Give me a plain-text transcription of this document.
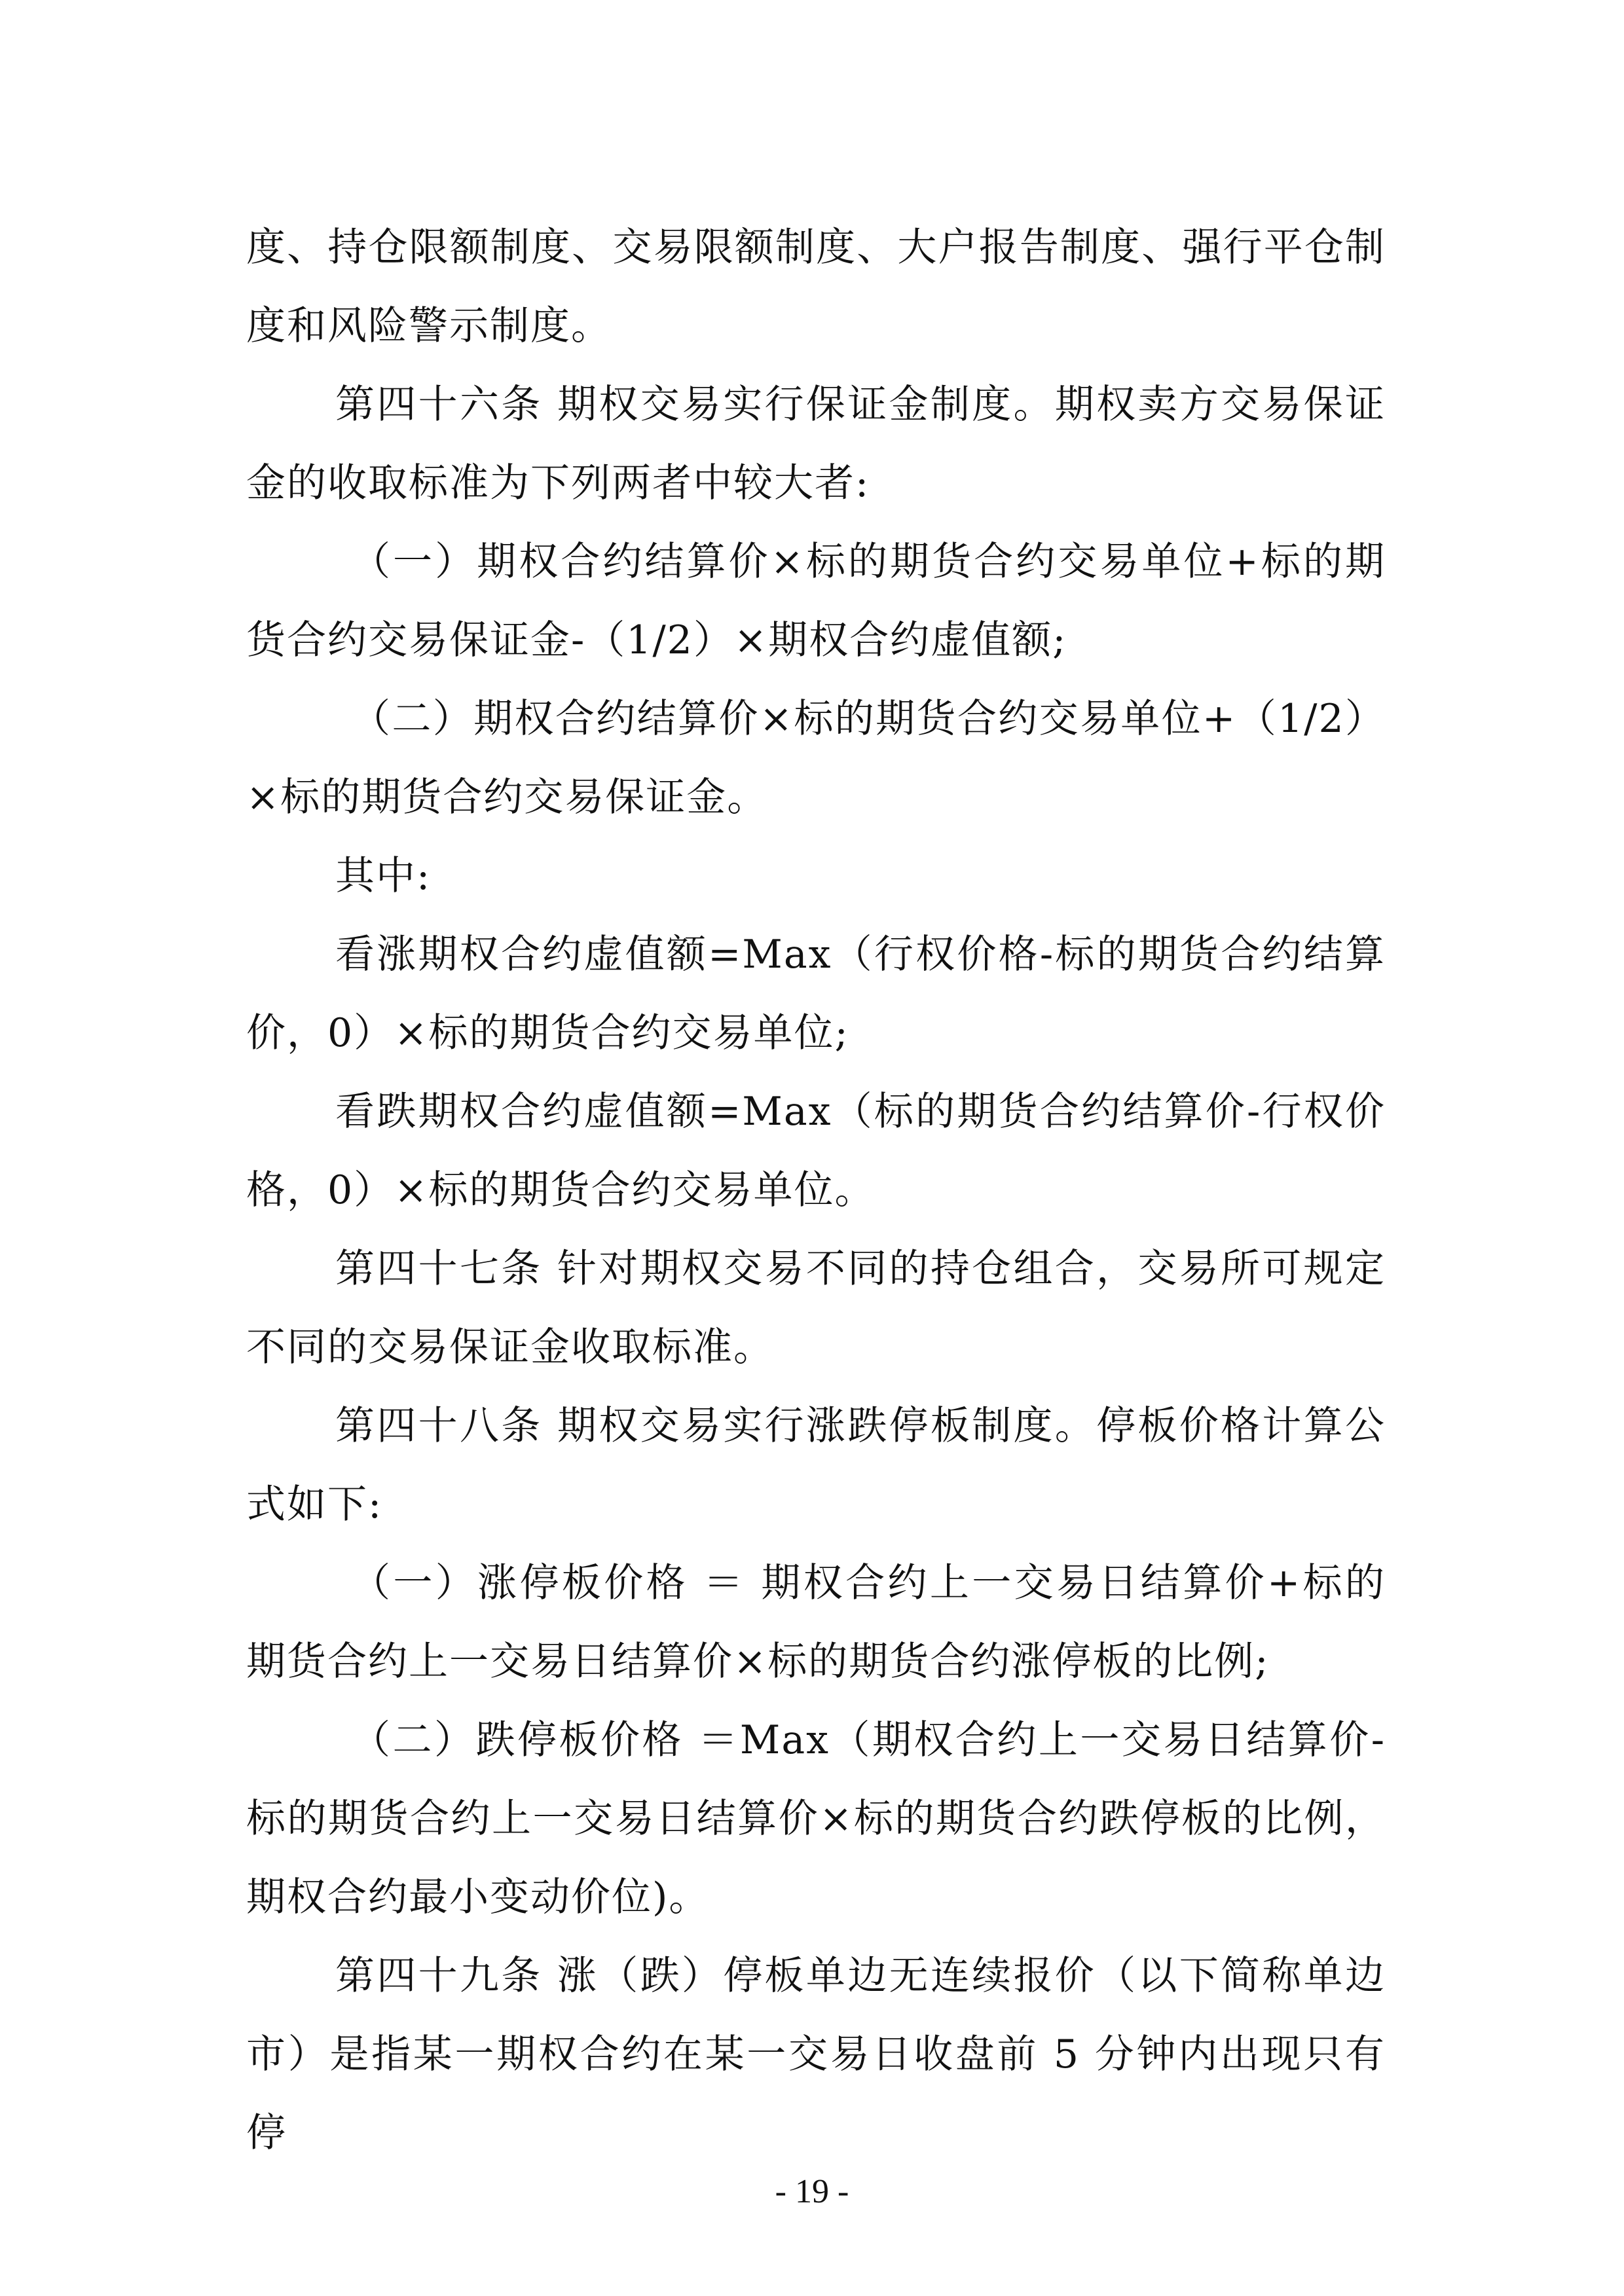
度、持仓限额制度、交易限额制度、大户报告制度、强行平仓制度和风险警示制度。

第四十六条 期权交易实行保证金制度。期权卖方交易保证金的收取标准为下列两者中较大者:

（一）期权合约结算价×标的期货合约交易单位+标的期货合约交易保证金-（1/2）×期权合约虚值额;

（二）期权合约结算价×标的期货合约交易单位+（1/2）×标的期货合约交易保证金。

其中:

看涨期权合约虚值额=Max（行权价格-标的期货合约结算价，0）×标的期货合约交易单位;

看跌期权合约虚值额=Max（标的期货合约结算价-行权价格，0）×标的期货合约交易单位。

第四十七条 针对期权交易不同的持仓组合，交易所可规定不同的交易保证金收取标准。

第四十八条 期权交易实行涨跌停板制度。停板价格计算公式如下:

（一）涨停板价格 ＝ 期权合约上一交易日结算价+标的期货合约上一交易日结算价×标的期货合约涨停板的比例;

（二）跌停板价格 ＝Max（期权合约上一交易日结算价-标的期货合约上一交易日结算价×标的期货合约跌停板的比例，期权合约最小变动价位)。

第四十九条 涨（跌）停板单边无连续报价（以下简称单边市）是指某一期权合约在某一交易日收盘前 5 分钟内出现只有停

- 19 -
